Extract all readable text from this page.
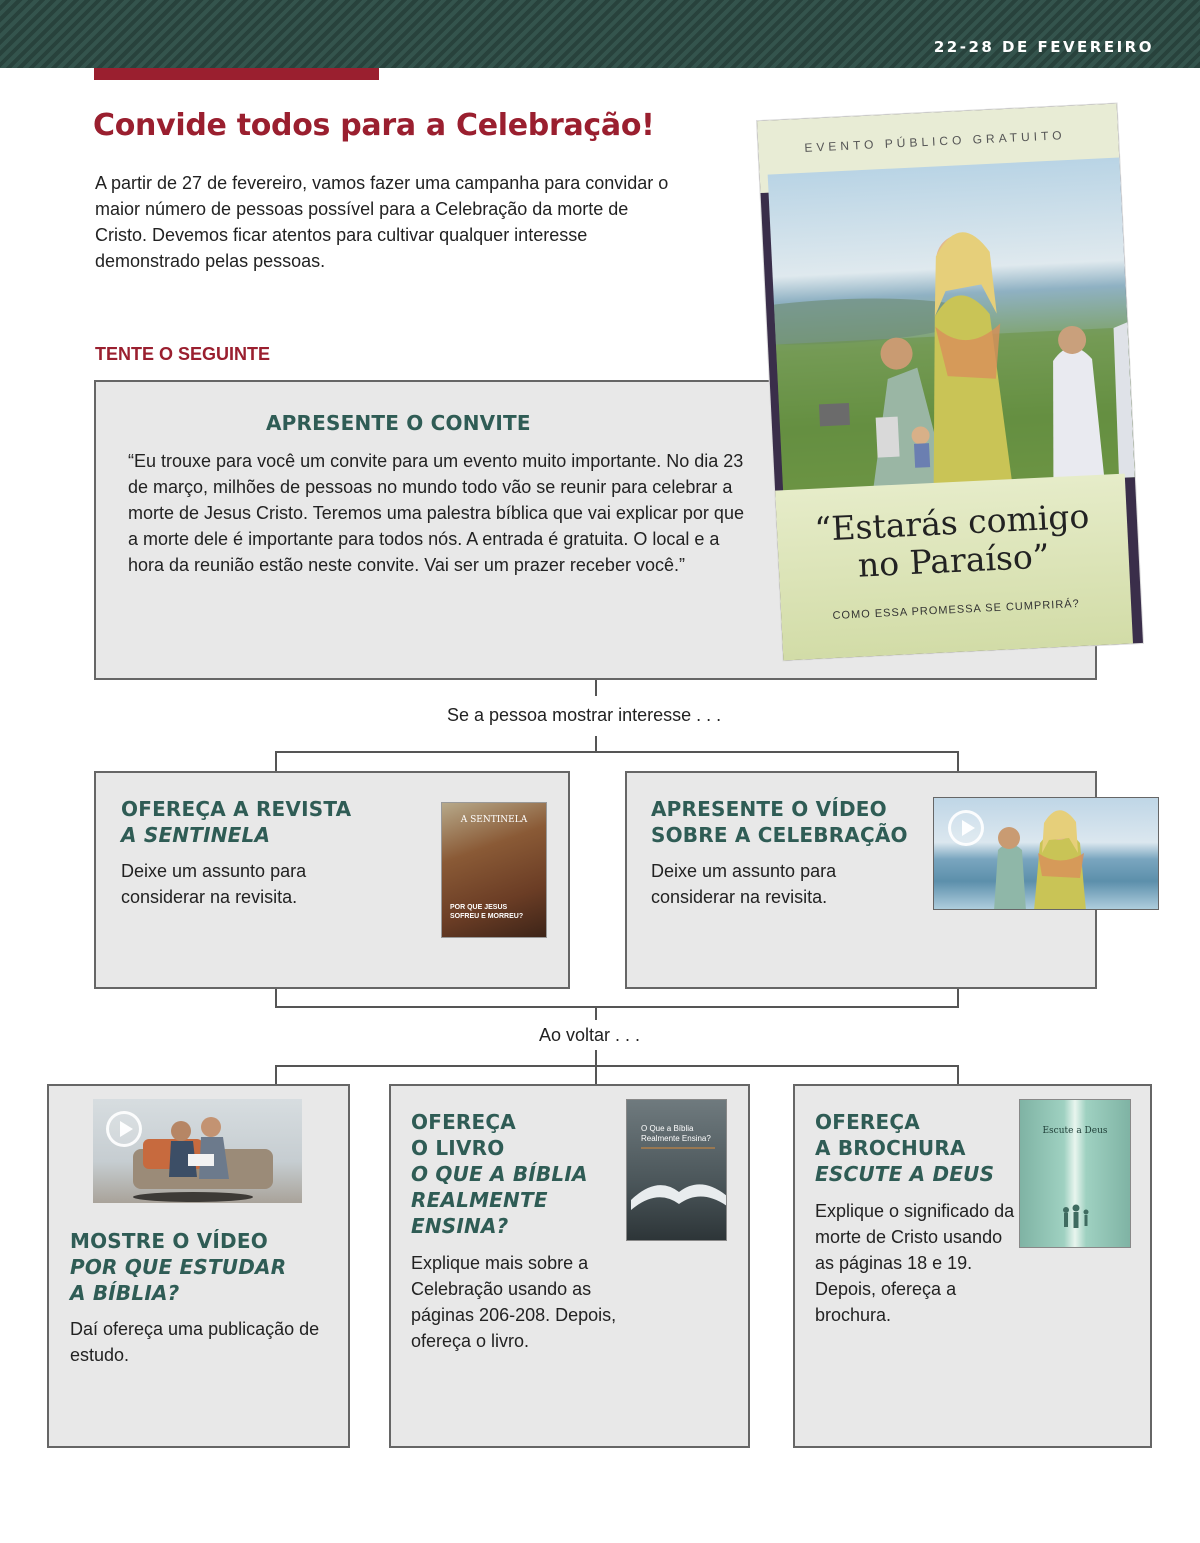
22-28 DE FEVEREIRO
Convide todos para a Celebração!

A partir de 27 de fevereiro, vamos fazer uma campanha para convidar o maior número de pessoas possível para a Celebração da morte de Cristo. Devemos ficar atentos para cultivar qualquer interesse demonstrado pelas pessoas.

TENTE O SEGUINTE
APRESENTE O CONVITE

“Eu trouxe para você um convite para um evento muito importante. No dia 23 de março, milhões de pessoas no mundo todo vão se reunir para celebrar a morte de Jesus Cristo. Teremos uma palestra bíblica que vai explicar por que a morte dele é importante para todos nós. A entrada é gratuita. O local e a hora da reunião estão neste convite. Vai ser um prazer receber você.”

EVENTO PÚBLICO GRATUITO
“Estarás comigo
no Paraíso”
COMO ESSA PROMESSA SE CUMPRIRÁ?
Se a pessoa mostrar interesse . . .
OFEREÇA A REVISTA
A SENTINELA

Deixe um assunto para considerar na revisita.

A SENTINELA
POR QUE JESUS SOFREU E MORREU?
APRESENTE O VÍDEO
SOBRE A CELEBRAÇÃO

Deixe um assunto para considerar na revisita.

Ao voltar . . .
MOSTRE O VÍDEO
POR QUE ESTUDAR
A BÍBLIA?

Daí ofereça uma publicação de estudo.

OFEREÇA
O LIVRO
O QUE A BÍBLIA
REALMENTE
ENSINA?

Explique mais sobre a Celebração usando as páginas 206-208. Depois, ofereça o livro.

O Que a Bíblia Realmente Ensina?
OFEREÇA
A BROCHURA
ESCUTE A DEUS

Explique o significado da morte de Cristo usando as páginas 18 e 19. Depois, ofereça a brochura.

Escute a Deus
